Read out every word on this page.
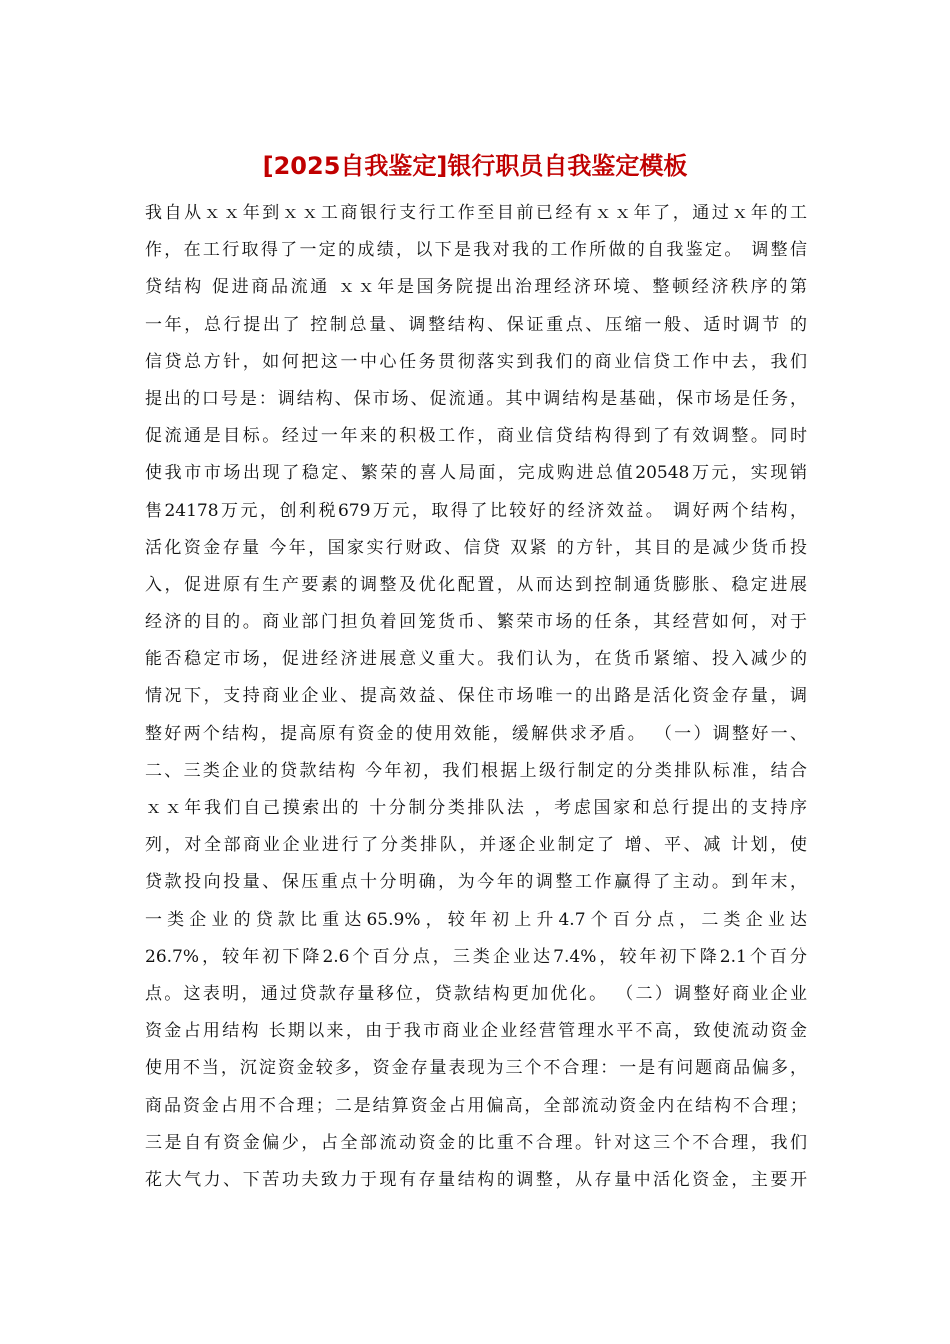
[2025自我鉴定]银行职员自我鉴定模板
我自从ｘｘ年到ｘｘ工商银行支行工作至目前已经有ｘｘ年了，通过ｘ年的工
作，在工行取得了一定的成绩，以下是我对我的工作所做的自我鉴定。 调整信
贷结构 促进商品流通 ｘｘ年是国务院提出治理经济环境、整顿经济秩序的第
一年，总行提出了 控制总量、调整结构、保证重点、压缩一般、适时调节 的
信贷总方针，如何把这一中心任务贯彻落实到我们的商业信贷工作中去，我们
提出的口号是：调结构、保市场、促流通。其中调结构是基础，保市场是任务，
促流通是目标。经过一年来的积极工作，商业信贷结构得到了有效调整。同时
使我市市场出现了稳定、繁荣的喜人局面，完成购进总值20548万元，实现销
售24178万元，创利税679万元，取得了比较好的经济效益。 调好两个结构，
活化资金存量 今年，国家实行财政、信贷 双紧 的方针，其目的是减少货币投
入，促进原有生产要素的调整及优化配置，从而达到控制通货膨胀、稳定进展
经济的目的。商业部门担负着回笼货币、繁荣市场的任条，其经营如何，对于
能否稳定市场，促进经济进展意义重大。我们认为，在货币紧缩、投入减少的
情况下，支持商业企业、提高效益、保住市场唯一的出路是活化资金存量，调
整好两个结构，提高原有资金的使用效能，缓解供求矛盾。 （一）调整好一、
二、三类企业的贷款结构 今年初，我们根据上级行制定的分类排队标准，结合
ｘｘ年我们自己摸索出的 十分制分类排队法 ，考虑国家和总行提出的支持序
列，对全部商业企业进行了分类排队，并逐企业制定了 增、平、减 计划，使
贷款投向投量、保压重点十分明确，为今年的调整工作赢得了主动。到年末，
一类企业的贷款比重达65.9%，较年初上升4.7个百分点，二类企业达
26.7%，较年初下降2.6个百分点，三类企业达7.4%，较年初下降2.1个百分
点。这表明，通过贷款存量移位，贷款结构更加优化。 （二）调整好商业企业
资金占用结构 长期以来，由于我市商业企业经营管理水平不高，致使流动资金
使用不当，沉淀资金较多，资金存量表现为三个不合理：一是有问题商品偏多，
商品资金占用不合理；二是结算资金占用偏高，全部流动资金内在结构不合理；
三是自有资金偏少，占全部流动资金的比重不合理。针对这三个不合理，我们
花大气力、下苦功夫致力于现有存量结构的调整，从存量中活化资金，主要开
